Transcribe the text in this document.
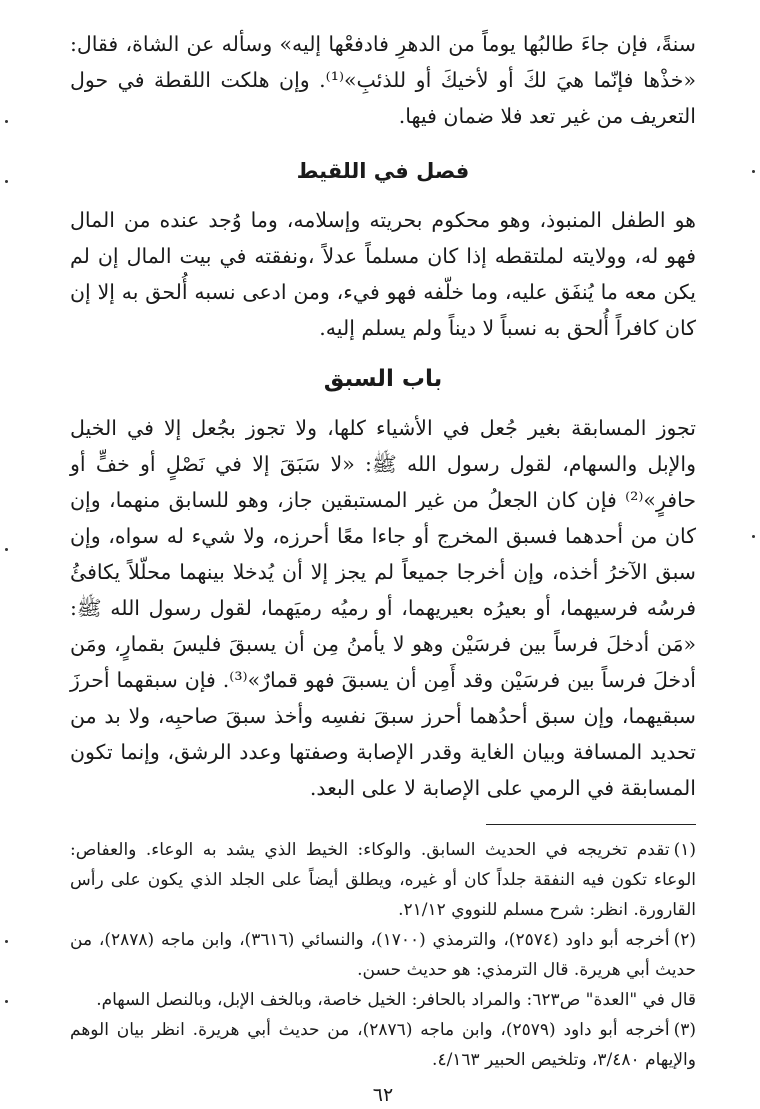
سنةً، فإن جاءَ طالبُها يوماً من الدهرِ فادفعْها إليه» وسأله عن الشاة، فقال: «خذْها فإنّما هيَ لكَ أو لأخيكَ أو للذئبِ»⁽¹⁾. وإن هلكت اللقطة في حول التعريف من غير تعد فلا ضمان فيها.

فصل في اللقيط

هو الطفل المنبوذ، وهو محكوم بحريته وإسلامه، وما وُجد عنده من المال فهو له، وولايته لملتقطه إذا كان مسلماً عدلاً ،ونفقته في بيت المال إن لم يكن معه ما يُنفَق عليه، وما خلّفه فهو فيء، ومن ادعى نسبه أُلحق به إلا إن كان كافراً أُلحق به نسباً لا ديناً ولم يسلم إليه.

باب السبق

تجوز المسابقة بغير جُعل في الأشياء كلها، ولا تجوز بجُعل إلا في الخيل والإبل والسهام، لقول رسول الله ﷺ: «لا سَبَقَ إلا في نَصْلٍ أو خفٍّ أو حافرٍ»⁽²⁾ فإن كان الجعلُ من غير المستبقين جاز، وهو للسابق منهما، وإن كان من أحدهما فسبق المخرج أو جاءا معًا أحرزه، ولا شيء له سواه، وإن سبق الآخرُ أخذه، وإن أخرجا جميعاً لم يجز إلا أن يُدخلا بينهما محلّلاً يكافئُ فرسُه فرسيهما، أو بعيرُه بعيريهما، أو رميُه رميَهما، لقول رسول الله ﷺ: «مَن أدخلَ فرساً بين فرسَيْن وهو لا يأمنُ مِن أن يسبقَ فليسَ بقمارٍ، ومَن أدخلَ فرساً بين فرسَيْن وقد أَمِن أن يسبقَ فهو قمارٌ»⁽³⁾. فإن سبقهما أحرزَ سبقيهما، وإن سبق أحدُهما أحرز سبقَ نفسِه وأخذ سبقَ صاحبِه، ولا بد من تحديد المسافة وبيان الغاية وقدر الإصابة وصفتها وعدد الرشق، وإنما تكون المسابقة في الرمي على الإصابة لا على البعد.

(١)تقدم تخريجه في الحديث السابق. والوكاء: الخيط الذي يشد به الوعاء. والعفاص: الوعاء تكون فيه النفقة جلداً كان أو غيره، ويطلق أيضاً على الجلد الذي يكون على رأس القارورة. انظر: شرح مسلم للنووي ٢١/١٢.

(٢)أخرجه أبو داود (٢٥٧٤)، والترمذي (١٧٠٠)، والنسائي (٣٦١٦)، وابن ماجه (٢٨٧٨)، من حديث أبي هريرة. قال الترمذي: هو حديث حسن.

قال في "العدة" ص٦٢٣: والمراد بالحافر: الخيل خاصة، وبالخف الإبل، وبالنصل السهام.

(٣)أخرجه أبو داود (٢٥٧٩)، وابن ماجه (٢٨٧٦)، من حديث أبي هريرة. انظر بيان الوهم والإيهام ٣/٤٨٠، وتلخيص الحبير ٤/١٦٣.

٦٢
